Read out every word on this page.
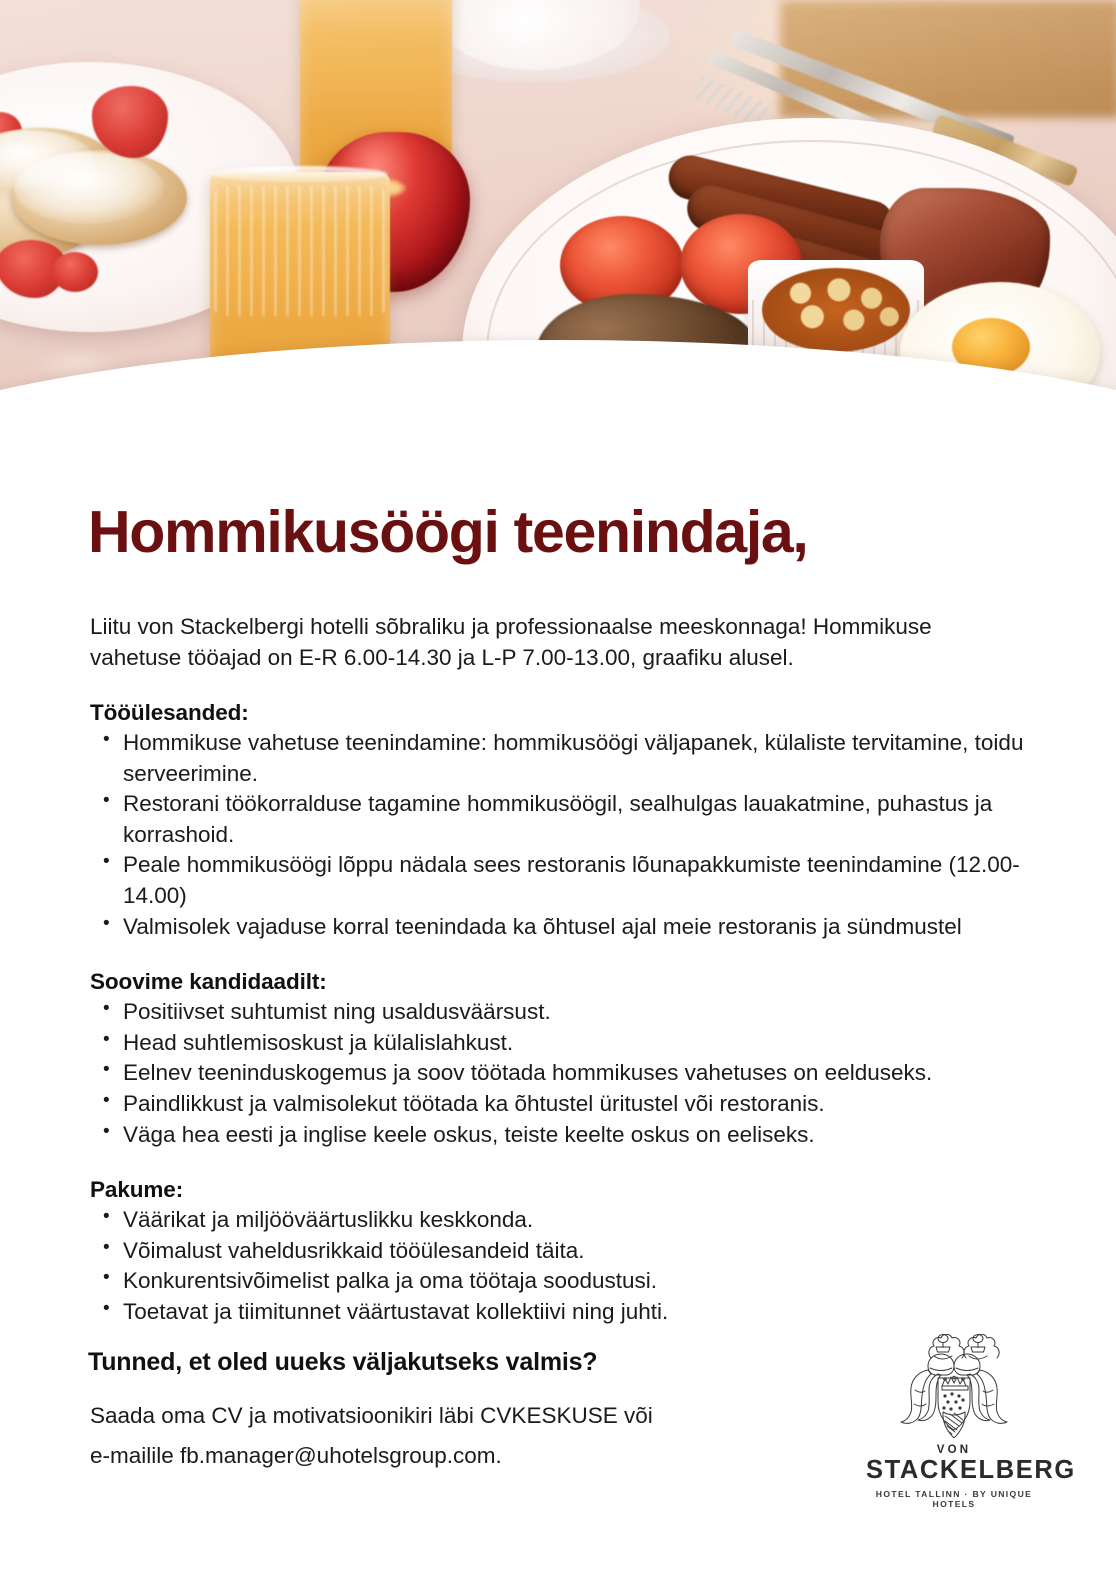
Hommikusöögi teenindaja,

Liitu von Stackelbergi hotelli sõbraliku ja professionaalse meeskonnaga! Hommikuse vahetuse tööajad on E-R 6.00-14.30 ja L-P 7.00-13.00, graafiku alusel.

Tööülesanded:
• Hommikuse vahetuse teenindamine: hommikusöögi väljapanek, külaliste tervitamine, toidu serveerimine.
• Restorani töökorralduse tagamine hommikusöögil, sealhulgas lauakatmine, puhastus ja korrashoid.
• Peale hommikusöögi lõppu nädala sees restoranis lõunapakkumiste teenindamine (12.00-14.00)
• Valmisolek vajaduse korral teenindada ka õhtusel ajal meie restoranis ja sündmustel
Soovime kandidaadilt:
• Positiivset suhtumist ning usaldusväärsust.
• Head suhtlemisoskust ja külalislahkust.
• Eelnev teeninduskogemus ja soov töötada hommikuses vahetuses on eelduseks.
• Paindlikkust ja valmisolekut töötada ka õhtustel üritustel või restoranis.
• Väga hea eesti ja inglise keele oskus, teiste keelte oskus on eeliseks.
Pakume:
• Väärikat ja miljööväärtuslikku keskkonda.
• Võimalust vaheldusrikkaid tööülesandeid täita.
• Konkurentsivõimelist palka ja oma töötaja soodustusi.
• Toetavat ja tiimitunnet väärtustavat kollektiivi ning juhti.
Tunned, et oled uueks väljakutseks valmis?
Saada oma CV ja motivatsioonikiri läbi CVKESKUSE või
e-mailile fb.manager@uhotelsgroup.com.	VON
STACKELBERG
HOTEL TALLINN · BY UNIQUE HOTELS
